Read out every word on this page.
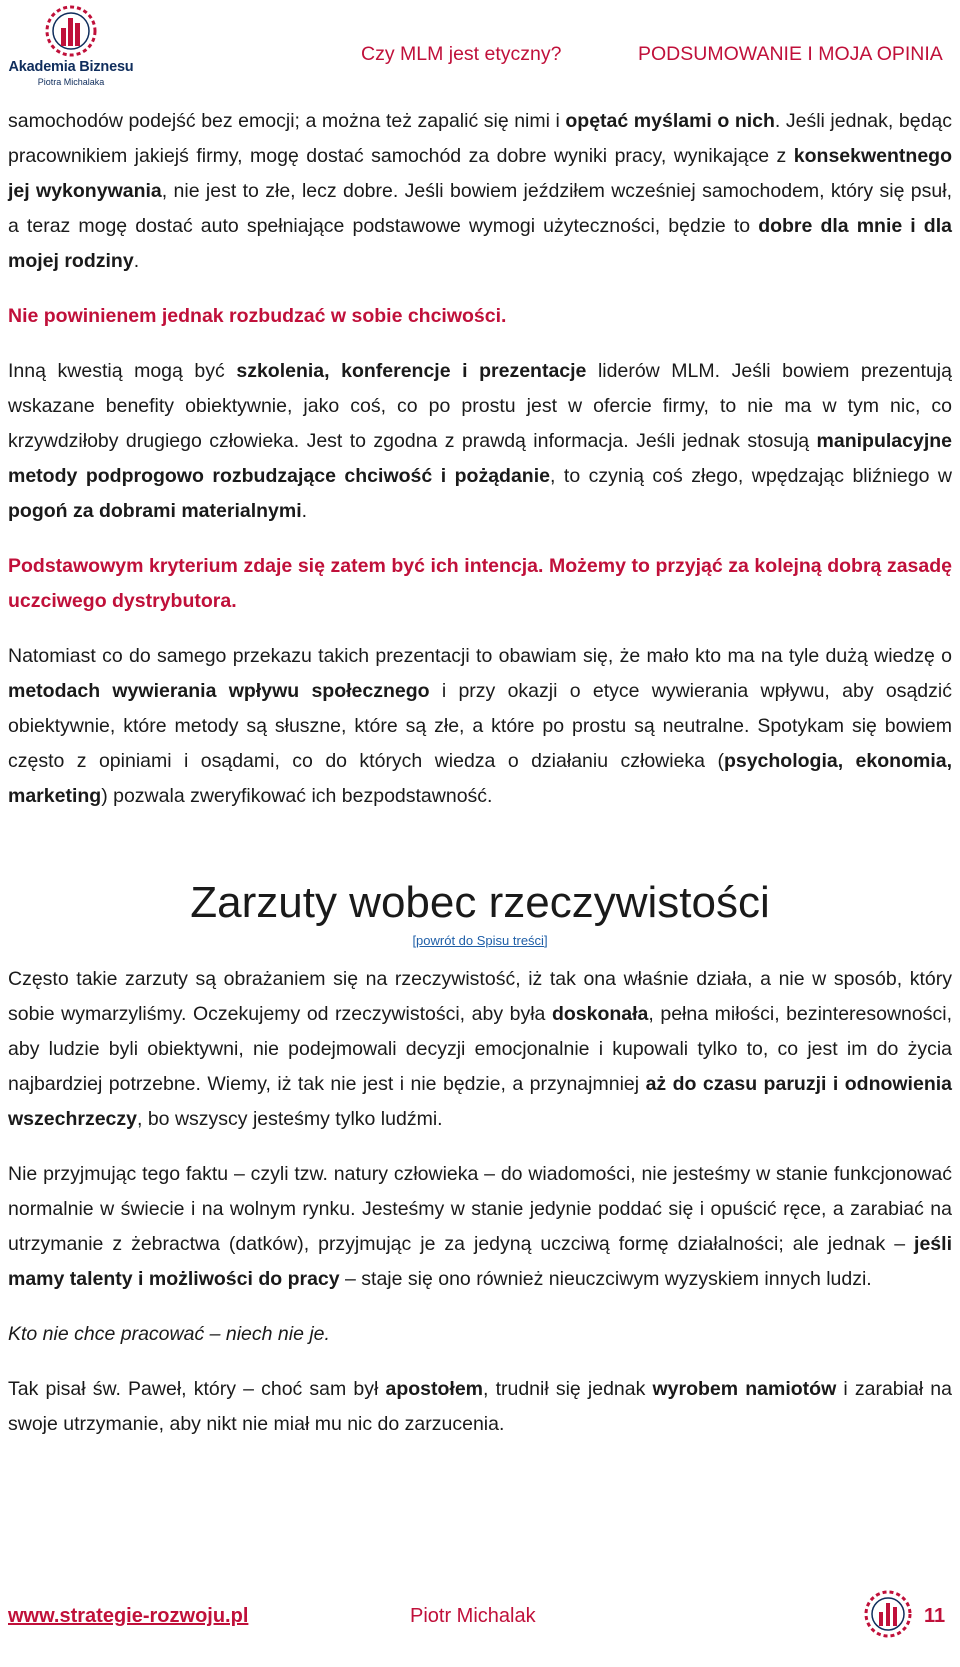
Akademia Biznesu
Piotra Michalaka
Czy MLM jest etyczny?	PODSUMOWANIE I MOJA OPINIA

samochodów podejść bez emocji; a można też zapalić się nimi i opętać myślami o nich. Jeśli jednak, będąc pracownikiem jakiejś firmy, mogę dostać samochód za dobre wyniki pracy, wynikające z konsekwentnego jej wykonywania, nie jest to złe, lecz dobre. Jeśli bowiem jeździłem wcześniej samochodem, który się psuł, a teraz mogę dostać auto spełniające podstawowe wymogi użyteczności, będzie to dobre dla mnie i dla mojej rodziny.

Nie powinienem jednak rozbudzać w sobie chciwości.

Inną kwestią mogą być szkolenia, konferencje i prezentacje liderów MLM. Jeśli bowiem prezentują wskazane benefity obiektywnie, jako coś, co po prostu jest w ofercie firmy, to nie ma w tym nic, co krzywdziłoby drugiego człowieka. Jest to zgodna z prawdą informacja. Jeśli jednak stosują manipulacyjne metody podprogowo rozbudzające chciwość i pożądanie, to czynią coś złego, wpędzając bliźniego w pogoń za dobrami materialnymi.

Podstawowym kryterium zdaje się zatem być ich intencja. Możemy to przyjąć za kolejną dobrą zasadę uczciwego dystrybutora.

Natomiast co do samego przekazu takich prezentacji to obawiam się, że mało kto ma na tyle dużą wiedzę o metodach wywierania wpływu społecznego i przy okazji o etyce wywierania wpływu, aby osądzić obiektywnie, które metody są słuszne, które są złe, a które po prostu są neutralne. Spotykam się bowiem często z opiniami i osądami, co do których wiedza o działaniu człowieka (psychologia, ekonomia, marketing) pozwala zweryfikować ich bezpodstawność.

Zarzuty wobec rzeczywistości
[powrót do Spisu treści]

Często takie zarzuty są obrażaniem się na rzeczywistość, iż tak ona właśnie działa, a nie w sposób, który sobie wymarzyliśmy. Oczekujemy od rzeczywistości, aby była doskonała, pełna miłości, bezinteresowności, aby ludzie byli obiektywni, nie podejmowali decyzji emocjonalnie i kupowali tylko to, co jest im do życia najbardziej potrzebne. Wiemy, iż tak nie jest i nie będzie, a przynajmniej aż do czasu paruzji i odnowienia wszechrzeczy, bo wszyscy jesteśmy tylko ludźmi.

Nie przyjmując tego faktu – czyli tzw. natury człowieka – do wiadomości, nie jesteśmy w stanie funkcjonować normalnie w świecie i na wolnym rynku. Jesteśmy w stanie jedynie poddać się i opuścić ręce, a zarabiać na utrzymanie z żebractwa (datków), przyjmując je za jedyną uczciwą formę działalności; ale jednak – jeśli mamy talenty i możliwości do pracy – staje się ono również nieuczciwym wyzyskiem innych ludzi.

Kto nie chce pracować – niech nie je.

Tak pisał św. Paweł, który – choć sam był apostołem, trudnił się jednak wyrobem namiotów i zarabiał na swoje utrzymanie, aby nikt nie miał mu nic do zarzucenia.

www.strategie-rozwoju.pl	Piotr Michalak	11
